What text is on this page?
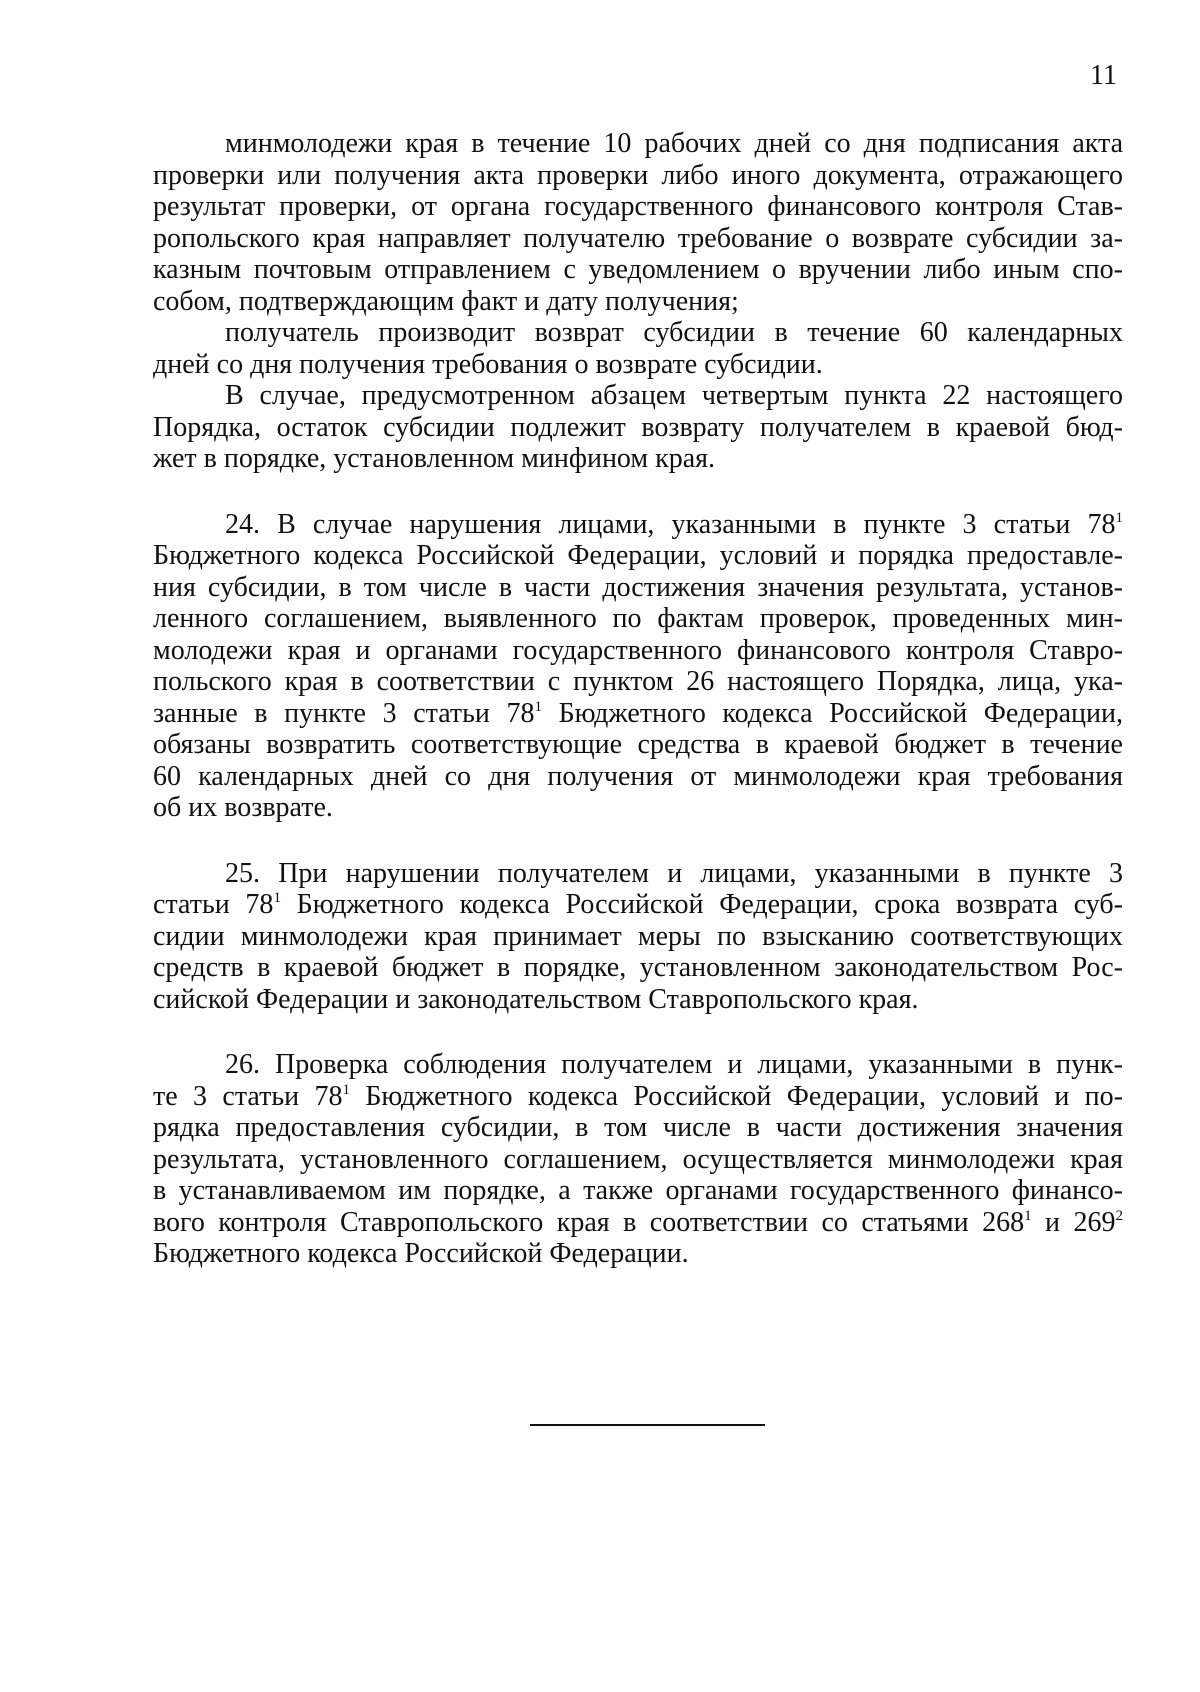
11
минмолодежи края в течение 10 рабочих дней со дня подписания акта
проверки или получения акта проверки либо иного документа, отражающего
результат проверки, от органа государственного финансового контроля Став-
ропольского края направляет получателю требование о возврате субсидии за-
казным почтовым отправлением с уведомлением о вручении либо иным спо-
собом, подтверждающим факт и дату получения;
получатель производит возврат субсидии в течение 60 календарных
дней со дня получения требования о возврате субсидии.
В случае, предусмотренном абзацем четвертым пункта 22 настоящего
Порядка, остаток субсидии подлежит возврату получателем в краевой бюд-
жет в порядке, установленном минфином края.
24. В случае нарушения лицами, указанными в пункте 3 статьи $78^1$
Бюджетного кодекса Российской Федерации, условий и порядка предоставле-
ния субсидии, в том числе в части достижения значения результата, установ-
ленного соглашением, выявленного по фактам проверок, проведенных мин-
молодежи края и органами государственного финансового контроля Ставро-
польского края в соответствии с пунктом 26 настоящего Порядка, лица, ука-
занные в пункте 3 статьи $78^1$ Бюджетного кодекса Российской Федерации,
обязаны возвратить соответствующие средства в краевой бюджет в течение
60 календарных дней со дня получения от минмолодежи края требования
об их возврате.
25. При нарушении получателем и лицами, указанными в пункте 3
статьи $78^1$ Бюджетного кодекса Российской Федерации, срока возврата суб-
сидии минмолодежи края принимает меры по взысканию соответствующих
средств в краевой бюджет в порядке, установленном законодательством Рос-
сийской Федерации и законодательством Ставропольского края.
26. Проверка соблюдения получателем и лицами, указанными в пунк-
те 3 статьи $78^1$ Бюджетного кодекса Российской Федерации, условий и по-
рядка предоставления субсидии, в том числе в части достижения значения
результата, установленного соглашением, осуществляется минмолодежи края
в устанавливаемом им порядке, а также органами государственного финансо-
вого контроля Ставропольского края в соответствии со статьями $268^1$ и $269^2$
Бюджетного кодекса Российской Федерации.
